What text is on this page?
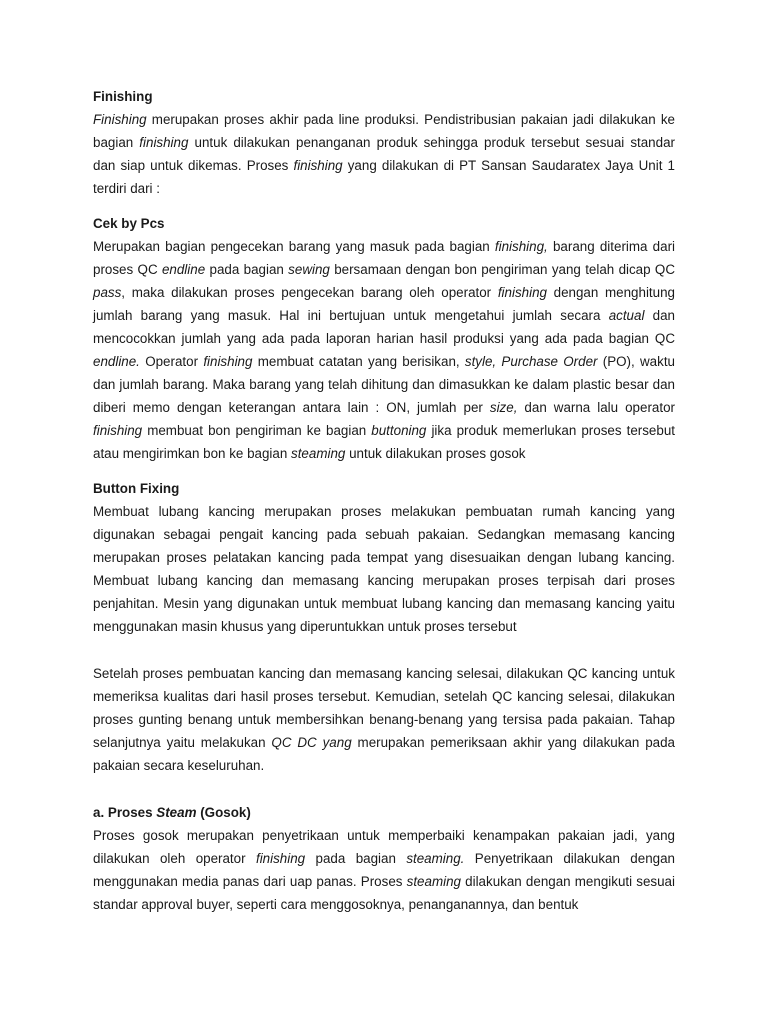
Finishing

Finishing merupakan proses akhir pada line produksi. Pendistribusian pakaian jadi dilakukan ke bagian finishing untuk dilakukan penanganan produk sehingga produk tersebut sesuai standar dan siap untuk dikemas. Proses finishing yang dilakukan di PT Sansan Saudaratex Jaya Unit 1 terdiri dari :

Cek by Pcs

Merupakan bagian pengecekan barang yang masuk pada bagian finishing, barang diterima dari proses QC endline pada bagian sewing bersamaan dengan bon pengiriman yang telah dicap QC pass, maka dilakukan proses pengecekan barang oleh operator finishing dengan menghitung jumlah barang yang masuk. Hal ini bertujuan untuk mengetahui jumlah secara actual dan mencocokkan jumlah yang ada pada laporan harian hasil produksi yang ada pada bagian QC endline. Operator finishing membuat catatan yang berisikan, style, Purchase Order (PO), waktu dan jumlah barang. Maka barang yang telah dihitung dan dimasukkan ke dalam plastic besar dan diberi memo dengan keterangan antara lain : ON, jumlah per size, dan warna lalu operator finishing membuat bon pengiriman ke bagian buttoning jika produk memerlukan proses tersebut atau mengirimkan bon ke bagian steaming untuk dilakukan proses gosok

Button Fixing

Membuat lubang kancing merupakan proses melakukan pembuatan rumah kancing yang digunakan sebagai pengait kancing pada sebuah pakaian. Sedangkan memasang kancing merupakan proses pelatakan kancing pada tempat yang disesuaikan dengan lubang kancing. Membuat lubang kancing dan memasang kancing merupakan proses terpisah dari proses penjahitan. Mesin yang digunakan untuk membuat lubang kancing dan memasang kancing yaitu menggunakan masin khusus yang diperuntukkan untuk proses tersebut

Setelah proses pembuatan kancing dan memasang kancing selesai, dilakukan QC kancing untuk memeriksa kualitas dari hasil proses tersebut. Kemudian, setelah QC kancing selesai, dilakukan proses gunting benang untuk membersihkan benang-benang yang tersisa pada pakaian. Tahap selanjutnya yaitu melakukan QC DC yang merupakan pemeriksaan akhir yang dilakukan pada pakaian secara keseluruhan.

a. Proses Steam (Gosok)

Proses gosok merupakan penyetrikaan untuk memperbaiki kenampakan pakaian jadi, yang dilakukan oleh operator finishing pada bagian steaming. Penyetrikaan dilakukan dengan menggunakan media panas dari uap panas. Proses steaming dilakukan dengan mengikuti sesuai standar approval buyer, seperti cara menggosoknya, penanganannya, dan bentuk
